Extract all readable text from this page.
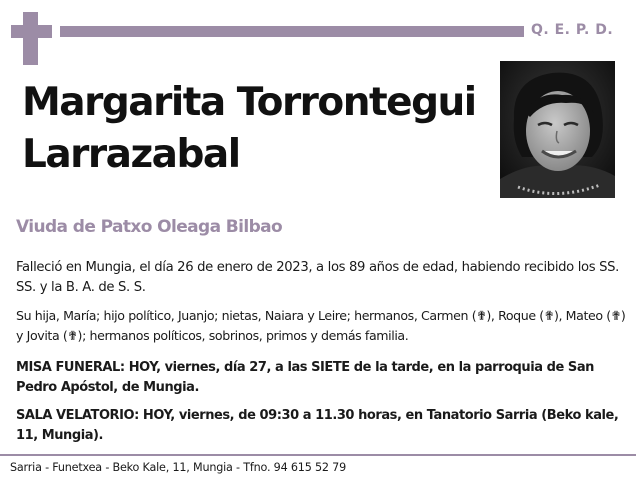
Q. E. P. D.
Margarita Torrontegui
Larrazabal
Viuda de Patxo Oleaga Bilbao
Falleció en Mungia, el día 26 de enero de 2023, a los 89 años de edad, habiendo recibido los SS. SS. y la B. A. de S. S.
Su hija, María; hijo político, Juanjo; nietas, Naiara y Leire; hermanos, Carmen (✟), Roque (✟), Mateo (✟) y Jovita (✟); hermanos políticos, sobrinos, primos y demás familia.
MISA FUNERAL: HOY, viernes, día 27, a las SIETE de la tarde, en la parroquia de San Pedro Apóstol, de Mungia.
SALA VELATORIO: HOY, viernes, de 09:30 a 11.30 horas, en Tanatorio Sarria (Beko kale, 11, Mungia).
Sarria - Funetxea - Beko Kale, 11, Mungia - Tfno. 94 615 52 79
